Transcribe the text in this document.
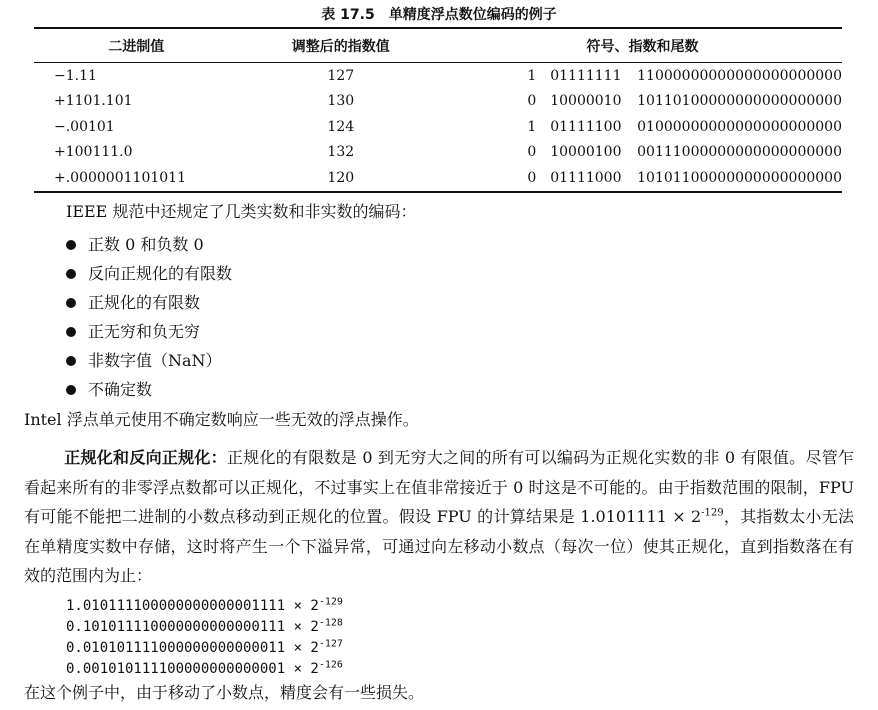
表 17.5　单精度浮点数位编码的例子
二进制值	调整后的指数值	符号、指数和尾数		
−1.11	127	1	01111111	11000000000000000000000
+1101.101	130	0	10000010	10110100000000000000000
−.00101	124	1	01111100	01000000000000000000000
+100111.0	132	0	10000100	00111000000000000000000
+.0000001101011	120	0	01111000	10101100000000000000000
IEEE 规范中还规定了几类实数和非实数的编码：
正数 0 和负数 0
反向正规化的有限数
正规化的有限数
正无穷和负无穷
非数字值（NaN）
不确定数
Intel 浮点单元使用不确定数响应一些无效的浮点操作。
正规化和反向正规化：正规化的有限数是 0 到无穷大之间的所有可以编码为正规化实数的非 0 有限值。尽管乍看起来所有的非零浮点数都可以正规化，不过事实上在值非常接近于 0 时这是不可能的。由于指数范围的限制，FPU 有可能不能把二进制的小数点移动到正规化的位置。假设 FPU 的计算结果是 $1.0101111 \times 2^{-129}$，其指数太小无法在单精度实数中存储，这时将产生一个下溢异常，可通过向左移动小数点（每次一位）使其正规化，直到指数落在有效的范围内为止：
$1.010111100000000000001111 \times 2^{-129}$
$0.101011110000000000000111 \times 2^{-128}$
$0.010101111000000000000011 \times 2^{-127}$
$0.001010111100000000000001 \times 2^{-126}$
在这个例子中，由于移动了小数点，精度会有一些损失。
